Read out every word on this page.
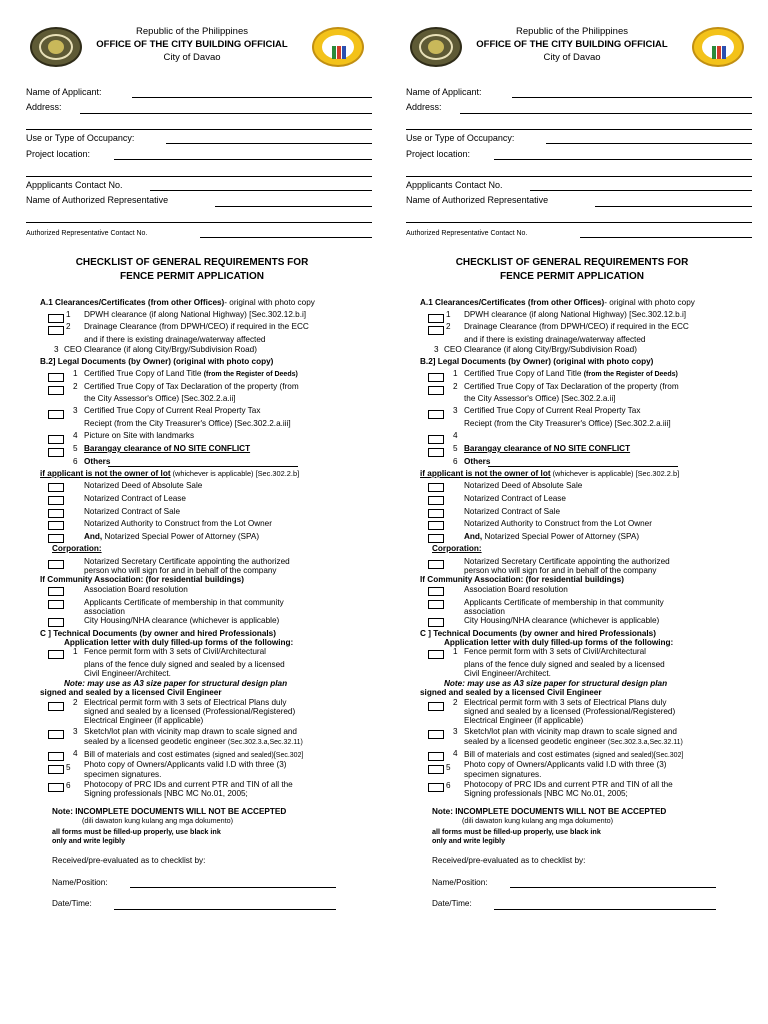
Republic of the Philippines
OFFICE OF THE CITY BUILDING OFFICIAL
City of Davao
Name of Applicant:
Address:
Use or Type of Occupancy:
Project location:
Appplicants Contact No.
Name of Authorized Representative
Authorized Representative Contact No.
CHECKLIST OF GENERAL REQUIREMENTS FOR
FENCE PERMIT APPLICATION
A.1 Clearances/Certificates (from other Offices)- original with photo copy
1 DPWH clearance (if along National Highway) [Sec.302.12.b.i]
2 Drainage Clearance (from DPWH/CEO) if required in the ECC
and if there is existing drainage/waterway affected
3 CEO Clearance (if along City/Brgy/Subdivision Road)
B.2] Legal Documents (by Owner) (original with photo copy)
1 Certified True Copy of Land Title (from the Register of Deeds)
2 Certified True Copy of Tax Declaration of the property (from
the City Assessor's Office) [Sec.302.2.a.ii]
3 Certified True Copy of Current Real Property Tax
Reciept (from the City Treasurer's Office) [Sec.302.2.a.iii]
4 Picture on Site with landmarks
5 Barangay clearance of NO SITE CONFLICT
6 Others
if applicant is not the owner of lot (whichever is applicable) [Sec.302.2.b]
Notarized Deed of Absolute Sale
Notarized Contract of Lease
Notarized Contract of Sale
Notarized Authority to Construct from the Lot Owner
And, Notarized Special Power of Attorney (SPA)
Corporation:
Notarized Secretary Certificate appointing the authorized
person who will sign for and in behalf of the company
If Community Association: (for residential buildings)
Association Board resolution
Applicants Certificate of membership in that community
association
City Housing/NHA clearance (whichever is applicable)
C ] Technical Documents (by owner and hired Professionals)
Application letter with duly filled-up forms of the following:
1 Fence permit form with 3 sets of Civil/Architectural
plans of the fence duly signed and sealed by a licensed
Civil Engineer/Architect.
Note: may use as A3 size paper for structural design plan
signed and sealed by a licensed Civil Engineer
2 Electrical permit form with 3 sets of Electrical Plans duly
signed and sealed by a licensed (Professional/Registered)
Electrical Engineer (if applicable)
3 Sketch/lot plan with vicinity map drawn to scale signed and
sealed by a licensed geodetic engineer (Sec.302.3.a,Sec.32.11)
4 Bill of materials and cost estimates (signed and sealed)[Sec.302]
5 Photo copy of Owners/Applicants valid I.D with three (3)
specimen signatures.
6 Photocopy of PRC IDs and current PTR and TIN of all the
Signing professionals [NBC MC No.01, 2005;
Note: INCOMPLETE DOCUMENTS WILL NOT BE ACCEPTED
(dili dawaton kung kulang ang mga dokumento)
all forms must be filled-up properly, use black ink
only and write legibly
Received/pre-evaluated as to checklist by:
Name/Position:
Date/Time:
Republic of the Philippines
OFFICE OF THE CITY BUILDING OFFICIAL
City of Davao
Name of Applicant:
Address:
Use or Type of Occupancy:
Project location:
Appplicants Contact No.
Name of Authorized Representative
Authorized Representative Contact No.
CHECKLIST OF GENERAL REQUIREMENTS FOR
FENCE PERMIT APPLICATION
A.1 Clearances/Certificates (from other Offices)- original with photo copy
1 DPWH clearance (if along National Highway) [Sec.302.12.b.i]
2 Drainage Clearance (from DPWH/CEO) if required in the ECC
and if there is existing drainage/waterway affected
3 CEO Clearance (if along City/Brgy/Subdivision Road)
B.2] Legal Documents (by Owner) (original with photo copy)
1 Certified True Copy of Land Title (from the Register of Deeds)
2 Certified True Copy of Tax Declaration of the property (from
the City Assessor's Office) [Sec.302.2.a.ii]
3 Certified True Copy of Current Real Property Tax
Reciept (from the City Treasurer's Office) [Sec.302.2.a.iii]
4
5 Barangay clearance of NO SITE CONFLICT
6 Others
if applicant is not the owner of lot (whichever is applicable) [Sec.302.2.b]
Notarized Deed of Absolute Sale
Notarized Contract of Lease
Notarized Contract of Sale
Notarized Authority to Construct from the Lot Owner
And, Notarized Special Power of Attorney (SPA)
Corporation:
Notarized Secretary Certificate appointing the authorized
person who will sign for and in behalf of the company
If Community Association: (for residential buildings)
Association Board resolution
Applicants Certificate of membership in that community
association
City Housing/NHA clearance (whichever is applicable)
C ] Technical Documents (by owner and hired Professionals)
Application letter with duly filled-up forms of the following:
1 Fence permit form with 3 sets of Civil/Architectural
plans of the fence duly signed and sealed by a licensed
Civil Engineer/Architect.
Note: may use as A3 size paper for structural design plan
signed and sealed by a licensed Civil Engineer
2 Electrical permit form with 3 sets of Electrical Plans duly
signed and sealed by a licensed (Professional/Registered)
Electrical Engineer (if applicable)
3 Sketch/lot plan with vicinity map drawn to scale signed and
sealed by a licensed geodetic engineer (Sec.302.3.a,Sec.32.11)
4 Bill of materials and cost estimates (signed and sealed)[Sec.302]
5 Photo copy of Owners/Applicants valid I.D with three (3)
specimen signatures.
6 Photocopy of PRC IDs and current PTR and TIN of all the
Signing professionals [NBC MC No.01, 2005;
Note: INCOMPLETE DOCUMENTS WILL NOT BE ACCEPTED
(dili dawaton kung kulang ang mga dokumento)
all forms must be filled-up properly, use black ink
only and write legibly
Received/pre-evaluated as to checklist by:
Name/Position:
Date/Time:
